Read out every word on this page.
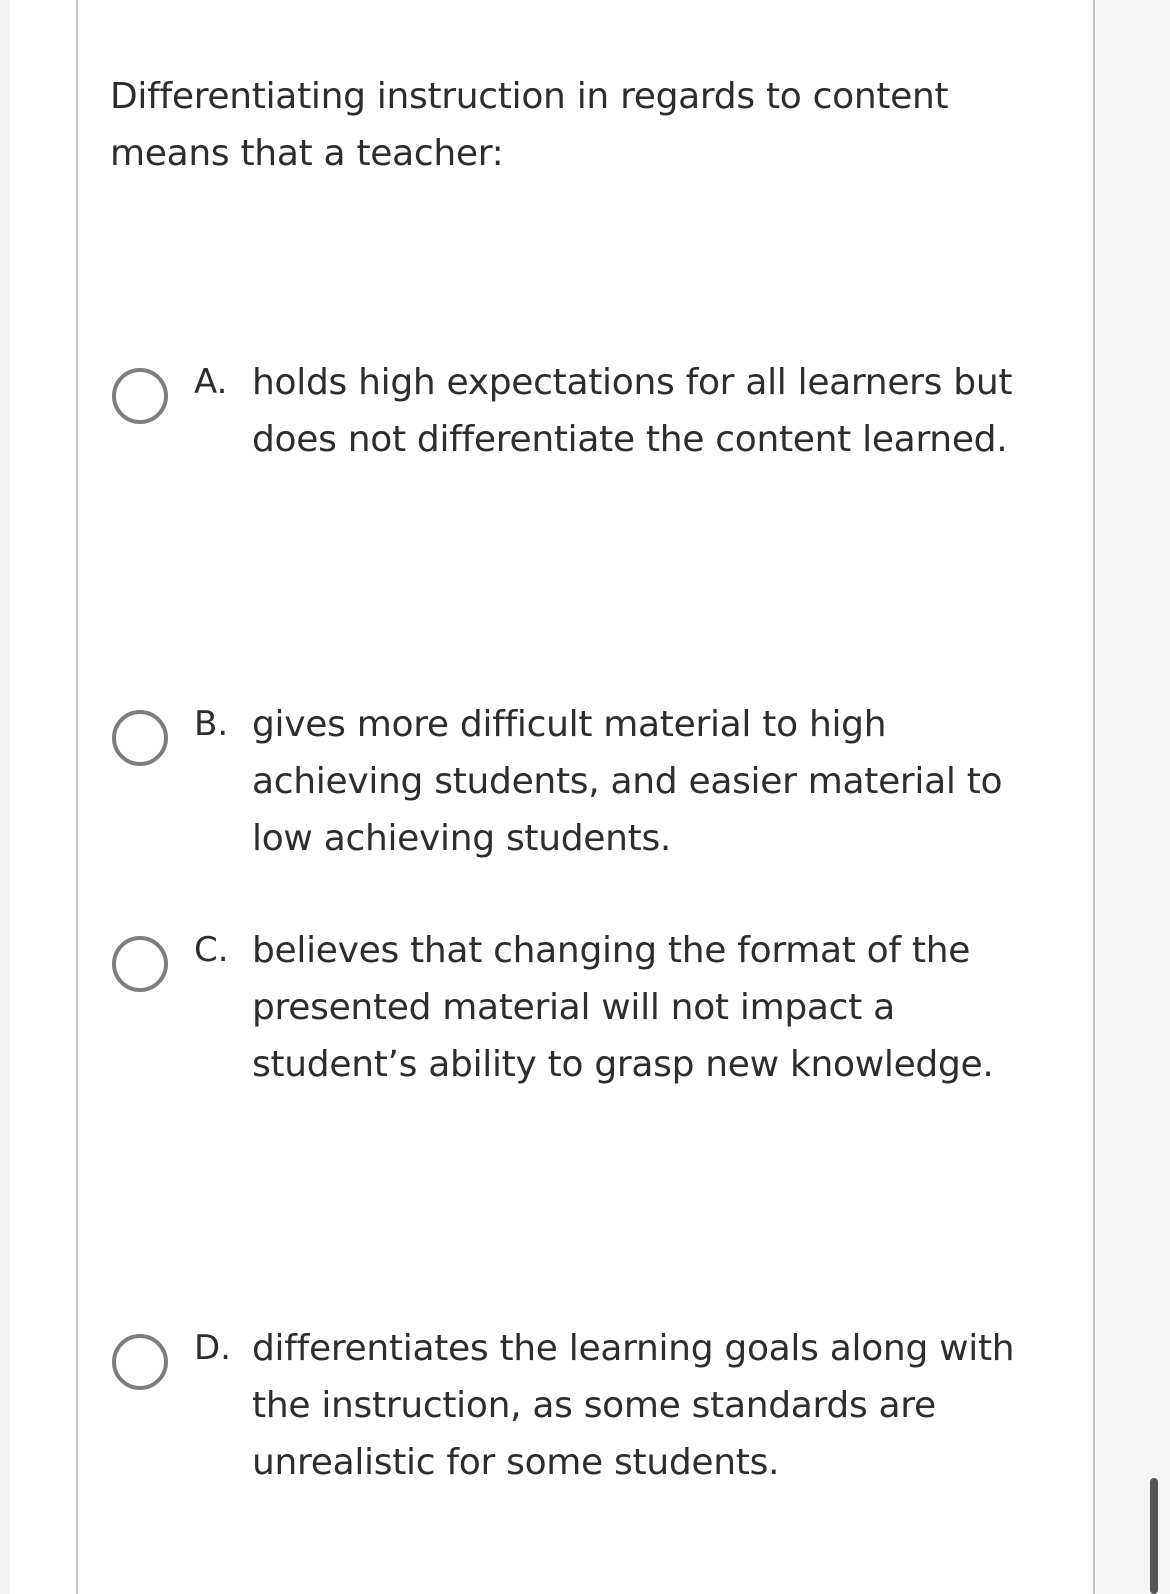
Differentiating instruction in regards to content means that a teacher:

A. holds high expectations for all learners but does not differentiate the content learned.
B. gives more difficult material to high achieving students, and easier material to low achieving students.
C. believes that changing the format of the presented material will not impact a student’s ability to grasp new knowledge.
D. differentiates the learning goals along with the instruction, as some standards are unrealistic for some students.
